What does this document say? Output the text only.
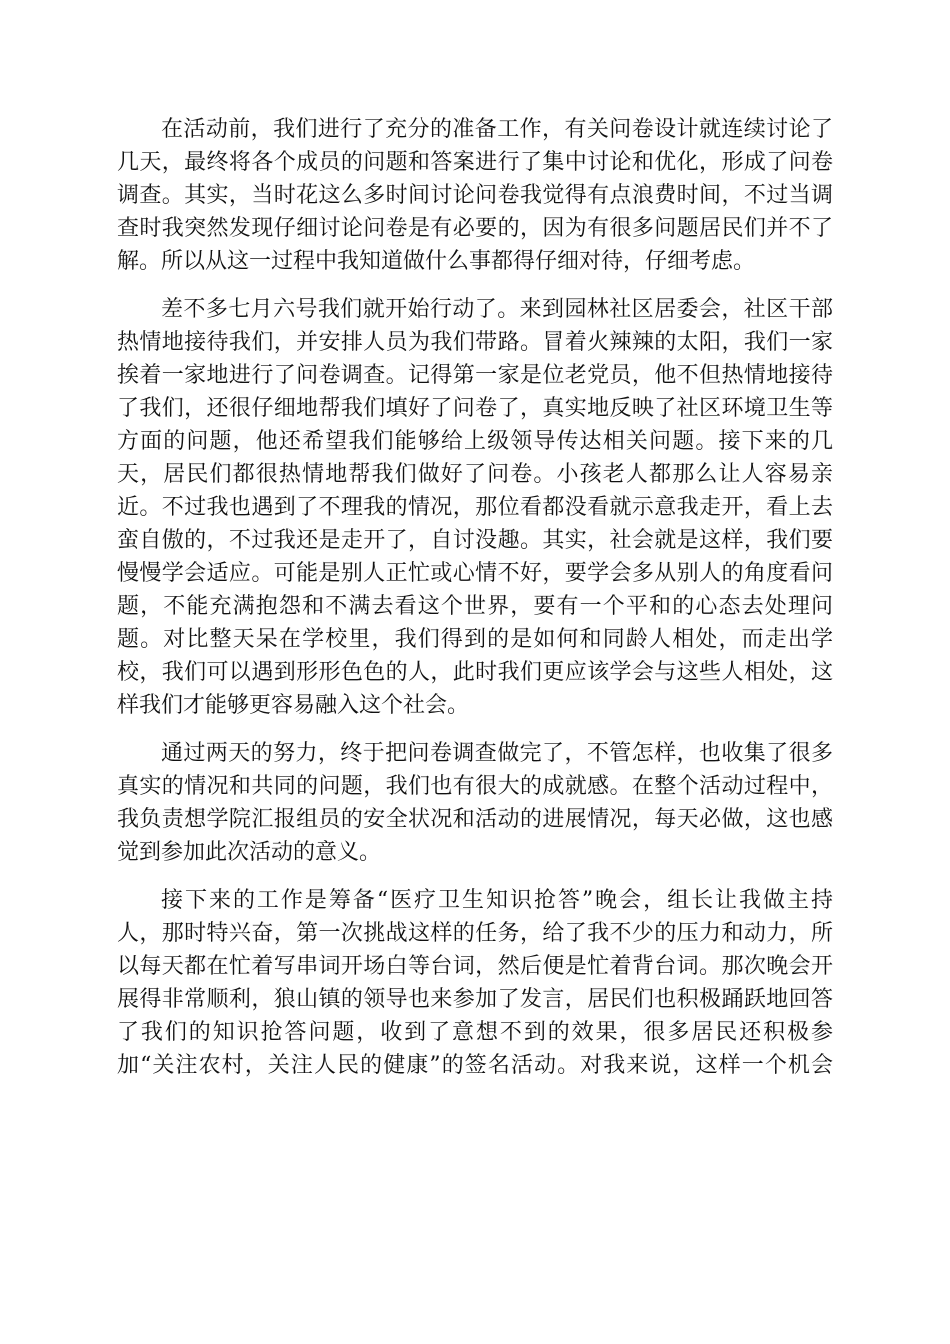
在活动前，我们进行了充分的准备工作，有关问卷设计就连续讨论了
几天，最终将各个成员的问题和答案进行了集中讨论和优化，形成了问卷
调查。其实，当时花这么多时间讨论问卷我觉得有点浪费时间，不过当调
查时我突然发现仔细讨论问卷是有必要的，因为有很多问题居民们并不了
解。所以从这一过程中我知道做什么事都得仔细对待，仔细考虑。

差不多七月六号我们就开始行动了。来到园林社区居委会，社区干部
热情地接待我们，并安排人员为我们带路。冒着火辣辣的太阳，我们一家
挨着一家地进行了问卷调查。记得第一家是位老党员，他不但热情地接待
了我们，还很仔细地帮我们填好了问卷了，真实地反映了社区环境卫生等
方面的问题，他还希望我们能够给上级领导传达相关问题。接下来的几
天，居民们都很热情地帮我们做好了问卷。小孩老人都那么让人容易亲
近。不过我也遇到了不理我的情况，那位看都没看就示意我走开，看上去
蛮自傲的，不过我还是走开了，自讨没趣。其实，社会就是这样，我们要
慢慢学会适应。可能是别人正忙或心情不好，要学会多从别人的角度看问
题，不能充满抱怨和不满去看这个世界，要有一个平和的心态去处理问
题。对比整天呆在学校里，我们得到的是如何和同龄人相处，而走出学
校，我们可以遇到形形色色的人，此时我们更应该学会与这些人相处，这
样我们才能够更容易融入这个社会。

通过两天的努力，终于把问卷调查做完了，不管怎样，也收集了很多
真实的情况和共同的问题，我们也有很大的成就感。在整个活动过程中，
我负责想学院汇报组员的安全状况和活动的进展情况，每天必做，这也感
觉到参加此次活动的意义。

接下来的工作是筹备“医疗卫生知识抢答”晚会，组长让我做主持
人，那时特兴奋，第一次挑战这样的任务，给了我不少的压力和动力，所
以每天都在忙着写串词开场白等台词，然后便是忙着背台词。那次晚会开
展得非常顺利，狼山镇的领导也来参加了发言，居民们也积极踊跃地回答
了我们的知识抢答问题，收到了意想不到的效果，很多居民还积极参
加“关注农村，关注人民的健康”的签名活动。对我来说，这样一个机会
